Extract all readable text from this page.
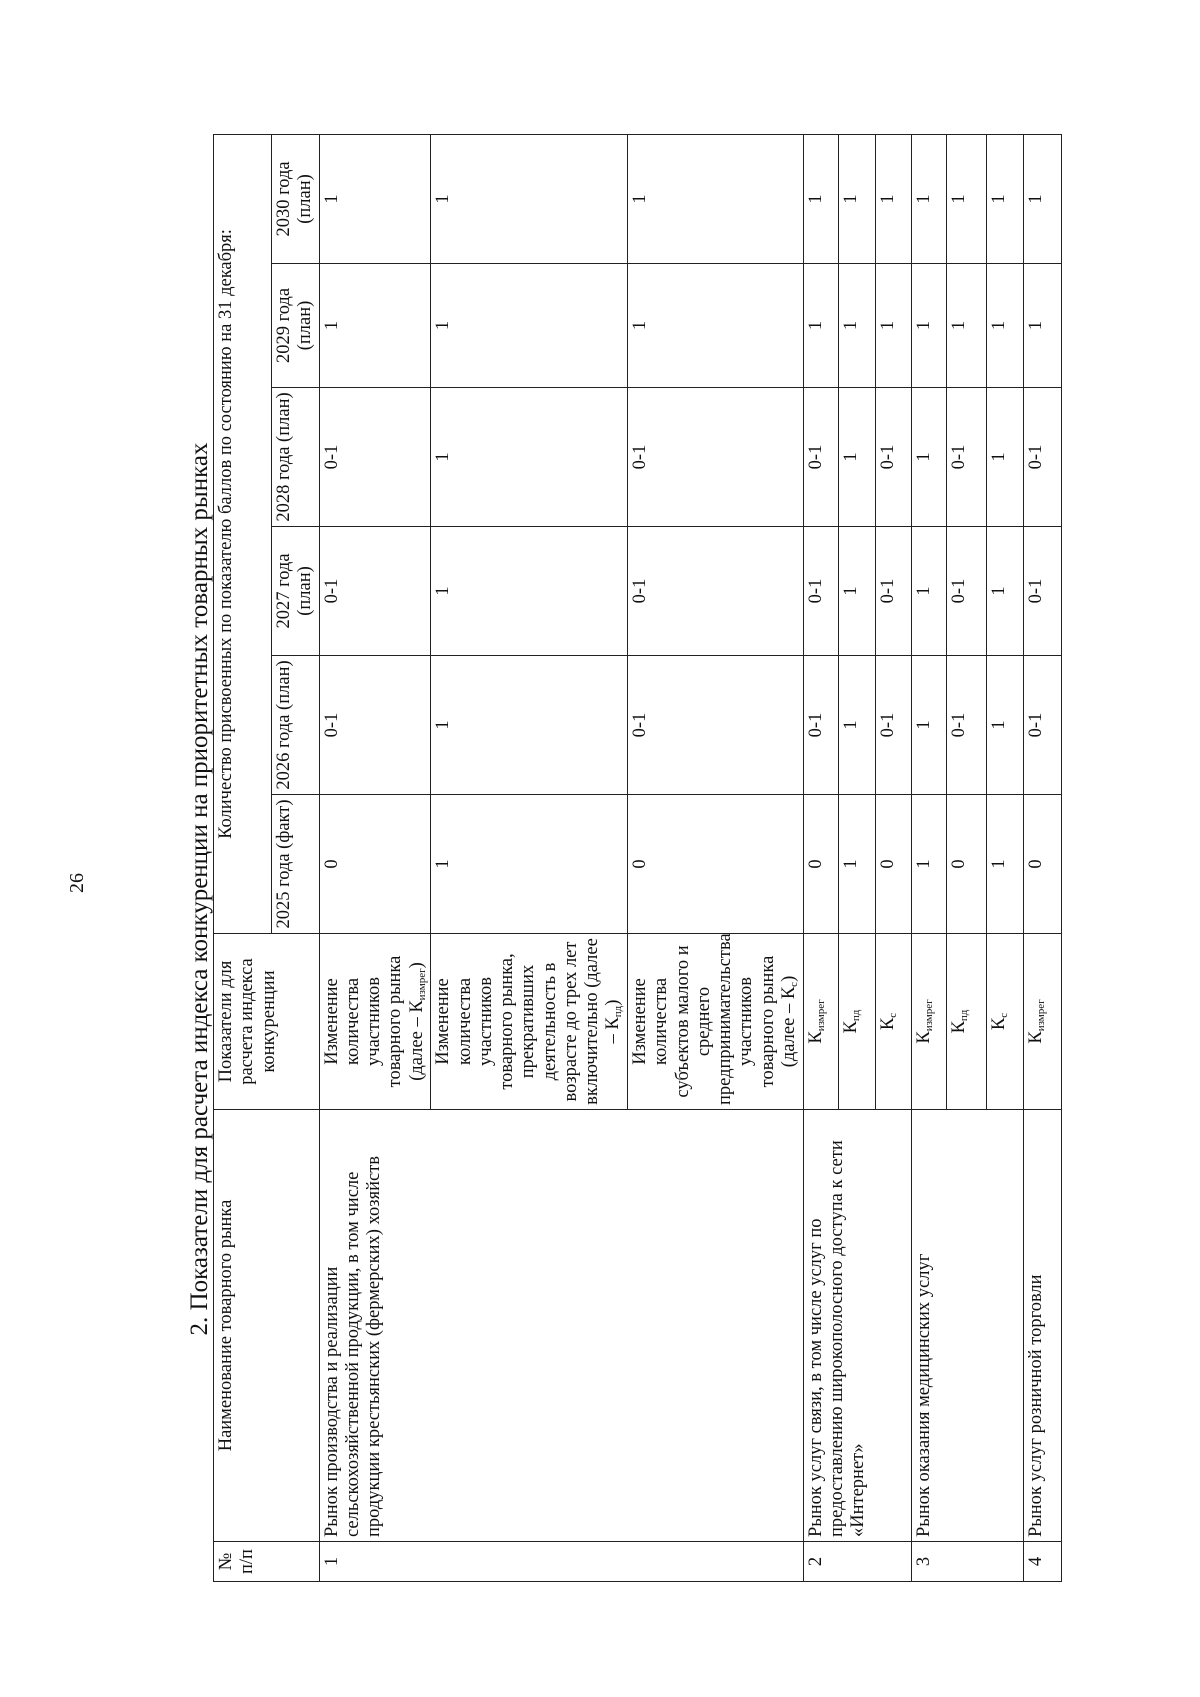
26	2. Показатели для расчета индекса конкуренции на приоритетных товарных рынках
№ п/п	Наименование товарного рынка	Показатели для расчета индекса конкуренции	Количество присвоенных по показателю баллов по состоянию на 31 декабря:					
			2025 года (факт)	2026 года (план)	2027 года (план)	2028 года (план)	2029 года (план)	2030 года (план)
1	Рынок производства и реализации сельскохозяйственной продукции, в том числе продукции крестьянских (фермерских) хозяйств	Изменение количества участников товарного рынка (далее – $К_{измрег}$)	0	0-1	0-1	0-1	1	1
		Изменение количества участников товарного рынка, прекративших деятельность в возрасте до трех лет включительно (далее – $К_{пд}$)	1	1	1	1	1	1
		Изменение количества субъектов малого и среднего предпринимательства участников товарного рынка (далее – $К_с$)	0	0-1	0-1	0-1	1	1
2	Рынок услуг связи, в том числе услуг по предоставлению широкополосного доступа к сети «Интернет»	$К_{измрег}$	0	0-1	0-1	0-1	1	1
		$К_{пд}$	1	1	1	1	1	1
		$К_с$	0	0-1	0-1	0-1	1	1
3	Рынок оказания медицинских услуг	$К_{измрег}$	1	1	1	1	1	1
		$К_{пд}$	0	0-1	0-1	0-1	1	1
		$К_с$	1	1	1	1	1	1
4	Рынок услуг розничной торговли	$К_{измрег}$	0	0-1	0-1	0-1	1	1
